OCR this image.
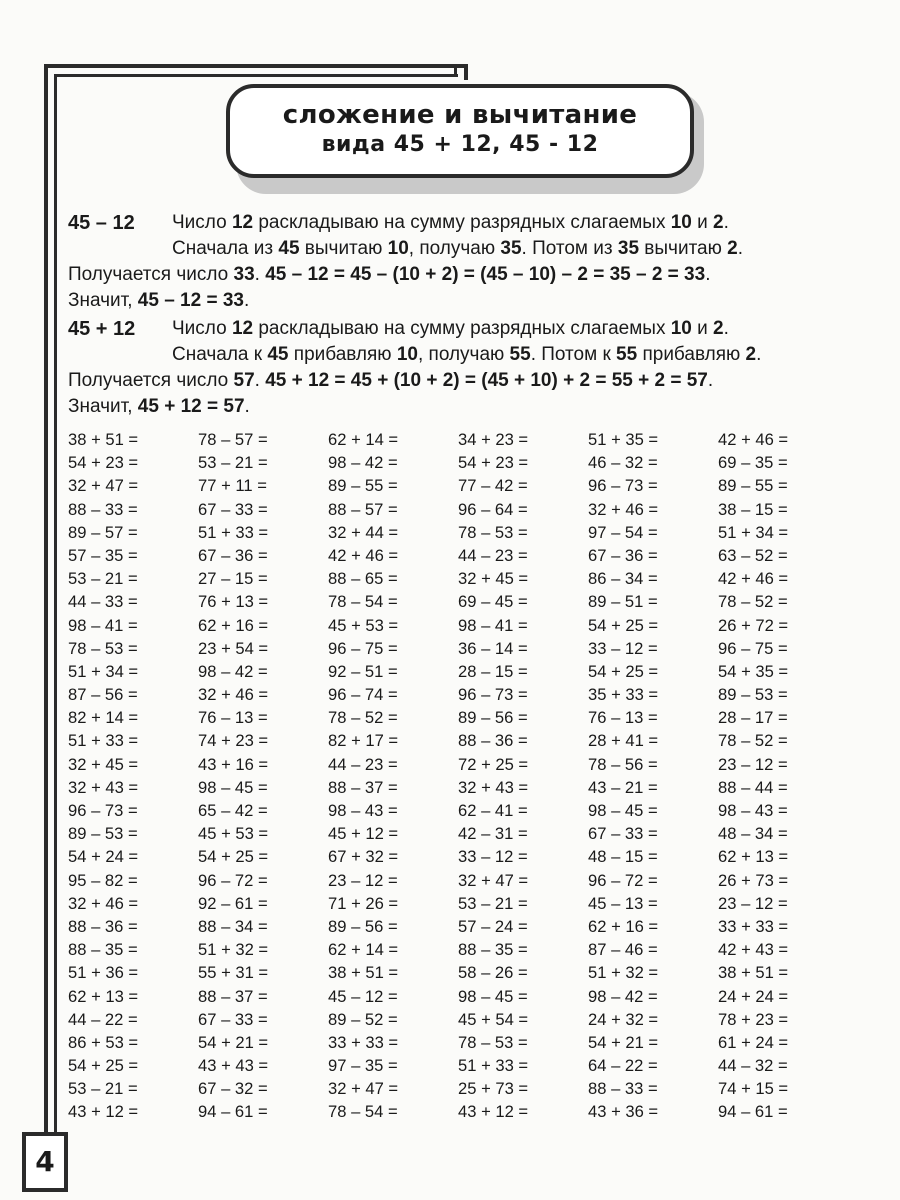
сложение и вычитание
вида 45 + 12, 45 - 12
45 – 12	Число 12 раскладываю на сумму разрядных слагаемых 10 и 2.
Сначала из 45 вычитаю 10, получаю 35. Потом из 35 вычитаю 2.
Получается число 33. 45 – 12 = 45 – (10 + 2) = (45 – 10) – 2 = 35 – 2 = 33.
Значит, 45 – 12 = 33.
45 + 12	Число 12 раскладываю на сумму разрядных слагаемых 10 и 2.
Сначала к 45 прибавляю 10, получаю 55. Потом к 55 прибавляю 2.
Получается число 57. 45 + 12 = 45 + (10 + 2) = (45 + 10) + 2 = 55 + 2 = 57.
Значит, 45 + 12 = 57.
38 + 51 =
54 + 23 =
32 + 47 =
88 – 33 =
89 – 57 =
57 – 35 =
53 – 21 =
44 – 33 =
98 – 41 =
78 – 53 =
51 + 34 =
87 – 56 =
82 + 14 =
51 + 33 =
32 + 45 =
32 + 43 =
96 – 73 =
89 – 53 =
54 + 24 =
95 – 82 =
32 + 46 =
88 – 36 =
88 – 35 =
51 + 36 =
62 + 13 =
44 – 22 =
86 + 53 =
54 + 25 =
53 – 21 =
43 + 12 =
78 – 57 =
53 – 21 =
77 + 11 =
67 – 33 =
51 + 33 =
67 – 36 =
27 – 15 =
76 + 13 =
62 + 16 =
23 + 54 =
98 – 42 =
32 + 46 =
76 – 13 =
74 + 23 =
43 + 16 =
98 – 45 =
65 – 42 =
45 + 53 =
54 + 25 =
96 – 72 =
92 – 61 =
88 – 34 =
51 + 32 =
55 + 31 =
88 – 37 =
67 – 33 =
54 + 21 =
43 + 43 =
67 – 32 =
94 – 61 =
62 + 14 =
98 – 42 =
89 – 55 =
88 – 57 =
32 + 44 =
42 + 46 =
88 – 65 =
78 – 54 =
45 + 53 =
96 – 75 =
92 – 51 =
96 – 74 =
78 – 52 =
82 + 17 =
44 – 23 =
88 – 37 =
98 – 43 =
45 + 12 =
67 + 32 =
23 – 12 =
71 + 26 =
89 – 56 =
62 + 14 =
38 + 51 =
45 – 12 =
89 – 52 =
33 + 33 =
97 – 35 =
32 + 47 =
78 – 54 =
34 + 23 =
54 + 23 =
77 – 42 =
96 – 64 =
78 – 53 =
44 – 23 =
32 + 45 =
69 – 45 =
98 – 41 =
36 – 14 =
28 – 15 =
96 – 73 =
89 – 56 =
88 – 36 =
72 + 25 =
32 + 43 =
62 – 41 =
42 – 31 =
33 – 12 =
32 + 47 =
53 – 21 =
57 – 24 =
88 – 35 =
58 – 26 =
98 – 45 =
45 + 54 =
78 – 53 =
51 + 33 =
25 + 73 =
43 + 12 =
51 + 35 =
46 – 32 =
96 – 73 =
32 + 46 =
97 – 54 =
67 – 36 =
86 – 34 =
89 – 51 =
54 + 25 =
33 – 12 =
54 + 25 =
35 + 33 =
76 – 13 =
28 + 41 =
78 – 56 =
43 – 21 =
98 – 45 =
67 – 33 =
48 – 15 =
96 – 72 =
45 – 13 =
62 + 16 =
87 – 46 =
51 + 32 =
98 – 42 =
24 + 32 =
54 + 21 =
64 – 22 =
88 – 33 =
43 + 36 =
42 + 46 =
69 – 35 =
89 – 55 =
38 – 15 =
51 + 34 =
63 – 52 =
42 + 46 =
78 – 52 =
26 + 72 =
96 – 75 =
54 + 35 =
89 – 53 =
28 – 17 =
78 – 52 =
23 – 12 =
88 – 44 =
98 – 43 =
48 – 34 =
62 + 13 =
26 + 73 =
23 – 12 =
33 + 33 =
42 + 43 =
38 + 51 =
24 + 24 =
78 + 23 =
61 + 24 =
44 – 32 =
74 + 15 =
94 – 61 =
4
